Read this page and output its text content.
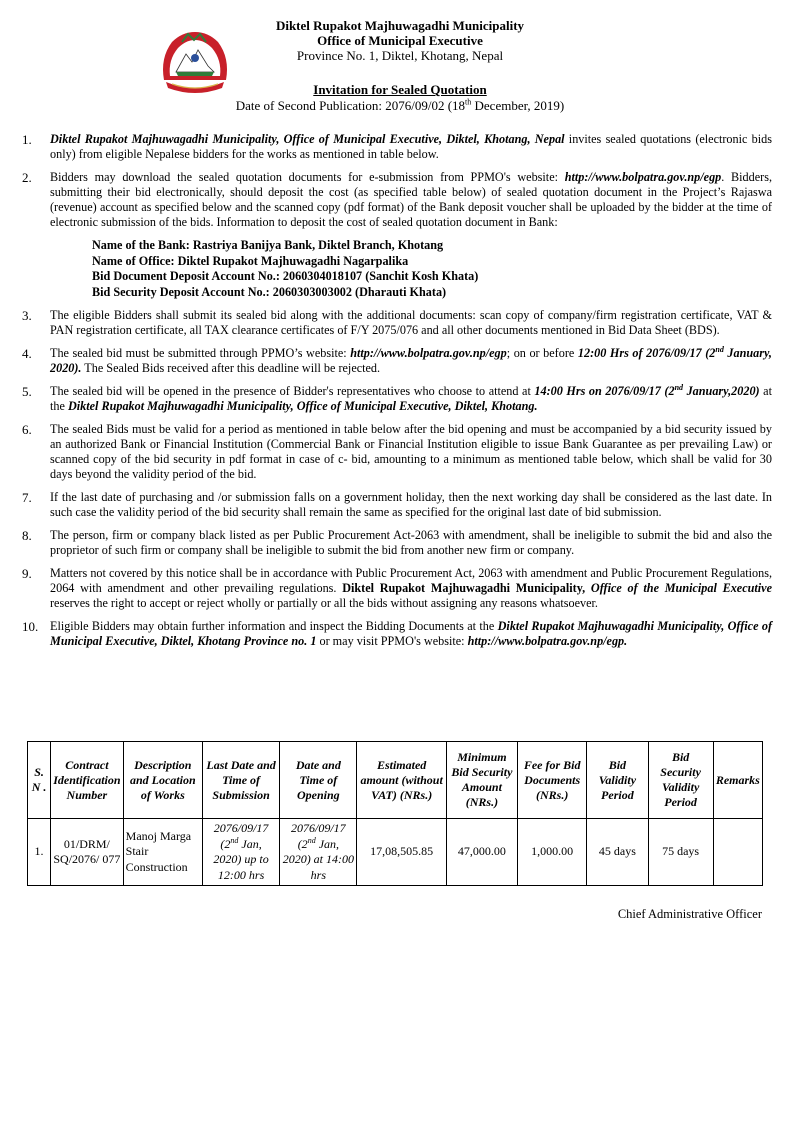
Diktel Rupakot Majhuwagadhi Municipality
Office of Municipal Executive
Province No. 1, Diktel, Khotang, Nepal
Invitation for Sealed Quotation
Date of Second Publication: 2076/09/02 (18th December, 2019)
1.	Diktel Rupakot Majhuwagadhi Municipality, Office of Municipal Executive, Diktel, Khotang, Nepal invites sealed quotations (electronic bids only) from eligible Nepalese bidders for the works as mentioned in table below.
2.	Bidders may download the sealed quotation documents for e-submission from PPMO's website: http://www.bolpatra.gov.np/egp. Bidders, submitting their bid electronically, should deposit the cost (as specified table below) of sealed quotation document in the Project’s Rajaswa (revenue) account as specified below and the scanned copy (pdf format) of the Bank deposit voucher shall be uploaded by the bidder at the time of electronic submission of the bids. Information to deposit the cost of sealed quotation document in Bank:
Name of the Bank: Rastriya Banijya Bank, Diktel Branch, Khotang
Name of Office: Diktel Rupakot Majhuwagadhi Nagarpalika
Bid Document Deposit Account No.: 2060304018107 (Sanchit Kosh Khata)
Bid Security Deposit Account No.: 2060303003002 (Dharauti Khata)
3.	The eligible Bidders shall submit its sealed bid along with the additional documents: scan copy of company/firm registration certificate, VAT & PAN registration certificate, all TAX clearance certificates of F/Y 2075/076 and all other documents mentioned in Bid Data Sheet (BDS).
4.	The sealed bid must be submitted through PPMO’s website: http://www.bolpatra.gov.np/egp; on or before 12:00 Hrs of 2076/09/17 (2nd January, 2020). The Sealed Bids received after this deadline will be rejected.
5.	The sealed bid will be opened in the presence of Bidder's representatives who choose to attend at 14:00 Hrs on 2076/09/17 (2nd January,2020) at the Diktel Rupakot Majhuwagadhi Municipality, Office of Municipal Executive, Diktel, Khotang.
6.	The sealed Bids must be valid for a period as mentioned in table below after the bid opening and must be accompanied by a bid security issued by an authorized Bank or Financial Institution (Commercial Bank or Financial Institution eligible to issue Bank Guarantee as per prevailing Law) or scanned copy of the bid security in pdf format in case of c- bid, amounting to a minimum as mentioned table below, which shall be valid for 30 days beyond the validity period of the bid.
7.	If the last date of purchasing and /or submission falls on a government holiday, then the next working day shall be considered as the last date. In such case the validity period of the bid security shall remain the same as specified for the original last date of bid submission.
8.	The person, firm or company black listed as per Public Procurement Act-2063 with amendment, shall be ineligible to submit the bid and also the proprietor of such firm or company shall be ineligible to submit the bid from another new firm or company.
9.	Matters not covered by this notice shall be in accordance with Public Procurement Act, 2063 with amendment and Public Procurement Regulations, 2064 with amendment and other prevailing regulations. Diktel Rupakot Majhuwagadhi Municipality, Office of the Municipal Executive reserves the right to accept or reject wholly or partially or all the bids without assigning any reasons whatsoever.
10. Eligible Bidders may obtain further information and inspect the Bidding Documents at the Diktel Rupakot Majhuwagadhi Municipality, Office of Municipal Executive, Diktel, Khotang Province no. 1 or may visit PPMO's website: http://www.bolpatra.gov.np/egp.
S. N .	Contract Identification Number	Description and Location of Works	Last Date and Time of Submission	Date and Time of Opening	Estimated amount (without VAT) (NRs.)	Minimum Bid Security Amount (NRs.)	Fee for Bid Documents (NRs.)	Bid Validity Period	Bid Security Validity Period	Remarks
1.	01/DRM/ SQ/2076/ 077	Manoj Marga Stair Construction	2076/09/17 (2nd Jan, 2020) up to 12:00 hrs	2076/09/17 (2nd Jan, 2020) at 14:00 hrs	17,08,505.85	47,000.00	1,000.00	45 days	75 days	
Chief Administrative Officer
